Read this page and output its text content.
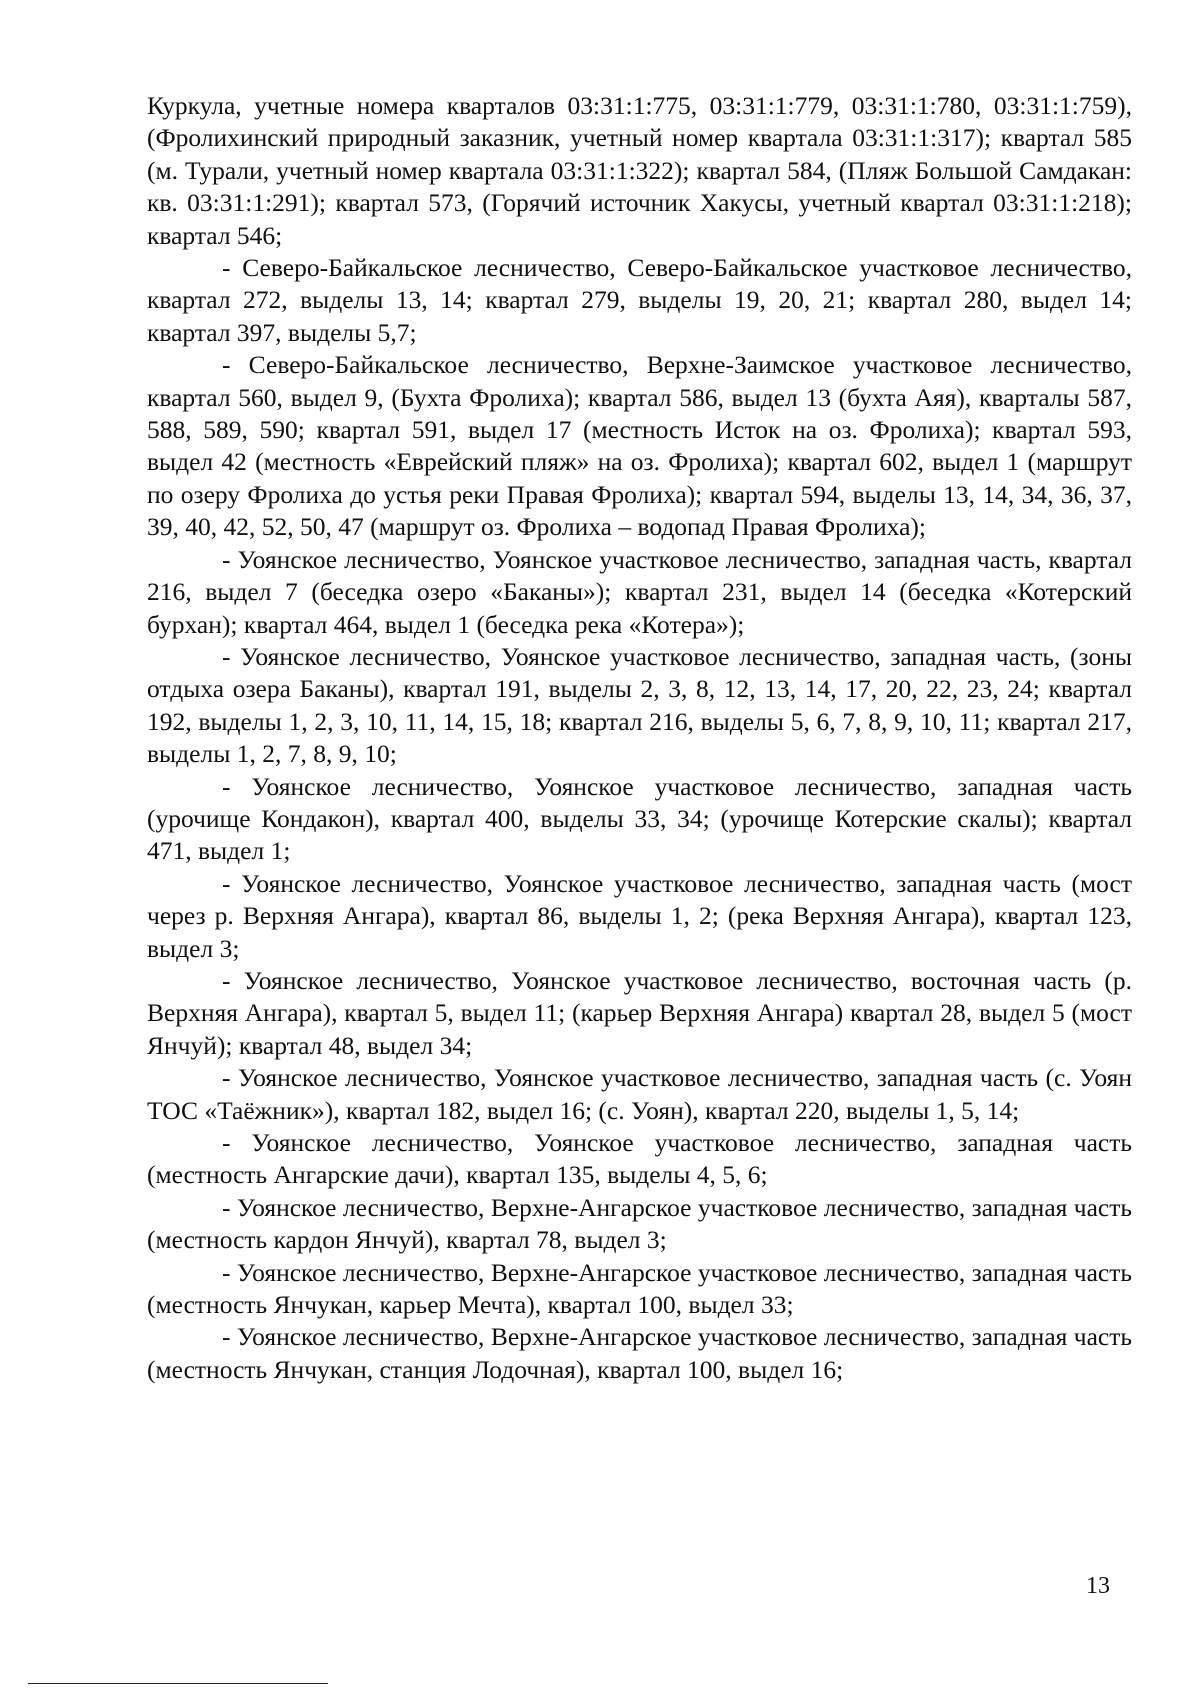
Куркула, учетные номера кварталов 03:31:1:775, 03:31:1:779, 03:31:1:780, 03:31:1:759), (Фролихинский природный заказник, учетный номер квартала 03:31:1:317); квартал 585 (м. Турали, учетный номер квартала 03:31:1:322); квартал 584, (Пляж Большой Самдакан: кв. 03:31:1:291); квартал 573, (Горячий источник Хакусы, учетный квартал 03:31:1:218); квартал 546;

- Северо-Байкальское лесничество, Северо-Байкальское участковое лесничество, квартал 272, выделы 13, 14; квартал 279, выделы 19, 20, 21; квартал 280, выдел 14; квартал 397, выделы 5,7;

- Северо-Байкальское лесничество, Верхне-Заимское участковое лесничество, квартал 560, выдел 9, (Бухта Фролиха); квартал 586, выдел 13 (бухта Аяя), кварталы 587, 588, 589, 590; квартал 591, выдел 17 (местность Исток на оз. Фролиха); квартал 593, выдел 42 (местность «Еврейский пляж» на оз. Фролиха); квартал 602, выдел 1 (маршрут по озеру Фролиха до устья реки Правая Фролиха); квартал 594, выделы 13, 14, 34, 36, 37, 39, 40, 42, 52, 50, 47 (маршрут оз. Фролиха – водопад Правая Фролиха);

- Уоянское лесничество, Уоянское участковое лесничество, западная часть, квартал 216, выдел 7 (беседка озеро «Баканы»); квартал 231, выдел 14 (беседка «Котерский бурхан); квартал 464, выдел 1 (беседка река «Котера»);

- Уоянское лесничество, Уоянское участковое лесничество, западная часть, (зоны отдыха озера Баканы), квартал 191, выделы 2, 3, 8, 12, 13, 14, 17, 20, 22, 23, 24; квартал 192, выделы 1, 2, 3, 10, 11, 14, 15, 18; квартал 216, выделы 5, 6, 7, 8, 9, 10, 11; квартал 217, выделы 1, 2, 7, 8, 9, 10;

- Уоянское лесничество, Уоянское участковое лесничество, западная часть (урочище Кондакон), квартал 400, выделы 33, 34; (урочище Котерские скалы); квартал 471, выдел 1;

- Уоянское лесничество, Уоянское участковое лесничество, западная часть (мост через р. Верхняя Ангара), квартал 86, выделы 1, 2; (река Верхняя Ангара), квартал 123, выдел 3;

- Уоянское лесничество, Уоянское участковое лесничество, восточная часть (р. Верхняя Ангара), квартал 5, выдел 11; (карьер Верхняя Ангара) квартал 28, выдел 5 (мост Янчуй); квартал 48, выдел 34;

- Уоянское лесничество, Уоянское участковое лесничество, западная часть (с. Уоян ТОС «Таёжник»), квартал 182, выдел 16; (с. Уоян), квартал 220, выделы 1, 5, 14;

- Уоянское лесничество, Уоянское участковое лесничество, западная часть (местность Ангарские дачи), квартал 135, выделы 4, 5, 6;

- Уоянское лесничество, Верхне-Ангарское участковое лесничество, западная часть (местность кардон Янчуй), квартал 78, выдел 3;

- Уоянское лесничество, Верхне-Ангарское участковое лесничество, западная часть (местность Янчукан, карьер Мечта), квартал 100, выдел 33;

- Уоянское лесничество, Верхне-Ангарское участковое лесничество, западная часть (местность Янчукан, станция Лодочная), квартал 100, выдел 16;

13
